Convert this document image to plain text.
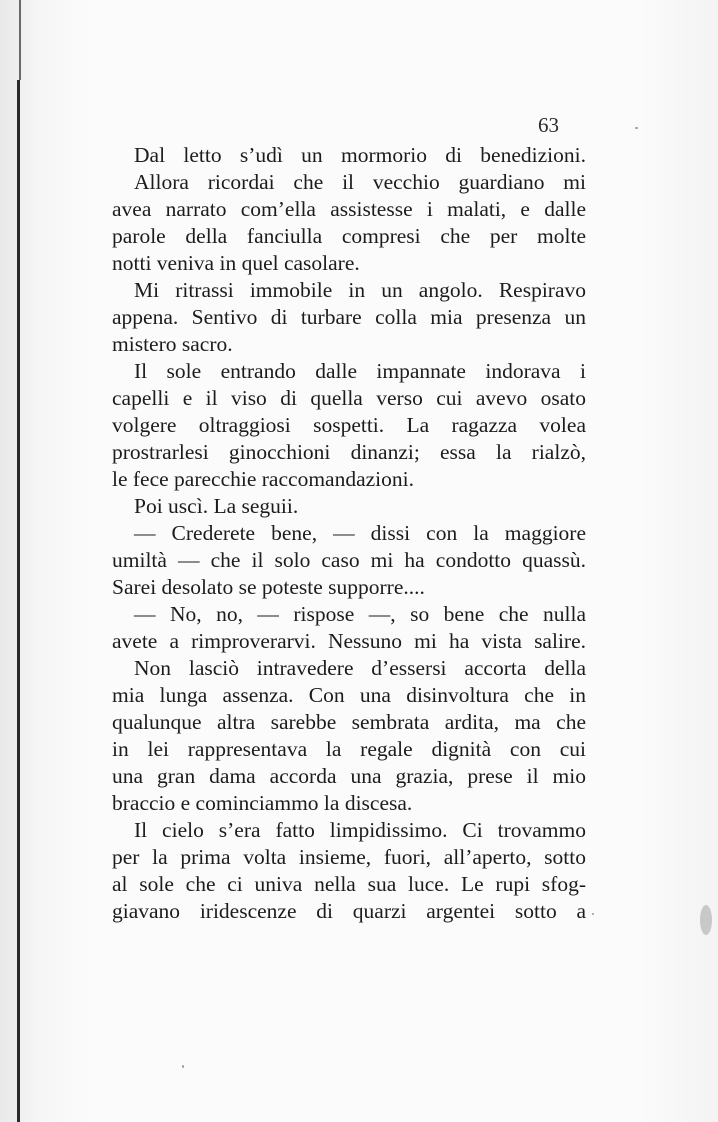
63
Dal letto s’udì un mormorio di benedizioni.
Allora ricordai che il vecchio guardiano mi
avea narrato com’ella assistesse i malati, e dalle
parole della fanciulla compresi che per molte
notti veniva in quel casolare.
Mi ritrassi immobile in un angolo. Respiravo
appena. Sentivo di turbare colla mia presenza un
mistero sacro.
Il sole entrando dalle impannate indorava i
capelli e il viso di quella verso cui avevo osato
volgere oltraggiosi sospetti. La ragazza volea
prostrarlesi ginocchioni dinanzi; essa la rialzò,
le fece parecchie raccomandazioni.
Poi uscì. La seguii.
— Crederete bene, — dissi con la maggiore
umiltà — che il solo caso mi ha condotto quassù.
Sarei desolato se poteste supporre....
— No, no, — rispose —, so bene che nulla
avete a rimproverarvi. Nessuno mi ha vista salire.
Non lasciò intravedere d’essersi accorta della
mia lunga assenza. Con una disinvoltura che in
qualunque altra sarebbe sembrata ardita, ma che
in lei rappresentava la regale dignità con cui
una gran dama accorda una grazia, prese il mio
braccio e cominciammo la discesa.
Il cielo s’era fatto limpidissimo. Ci trovammo
per la prima volta insieme, fuori, all’aperto, sotto
al sole che ci univa nella sua luce. Le rupi sfog-
giavano iridescenze di quarzi argentei sotto a
